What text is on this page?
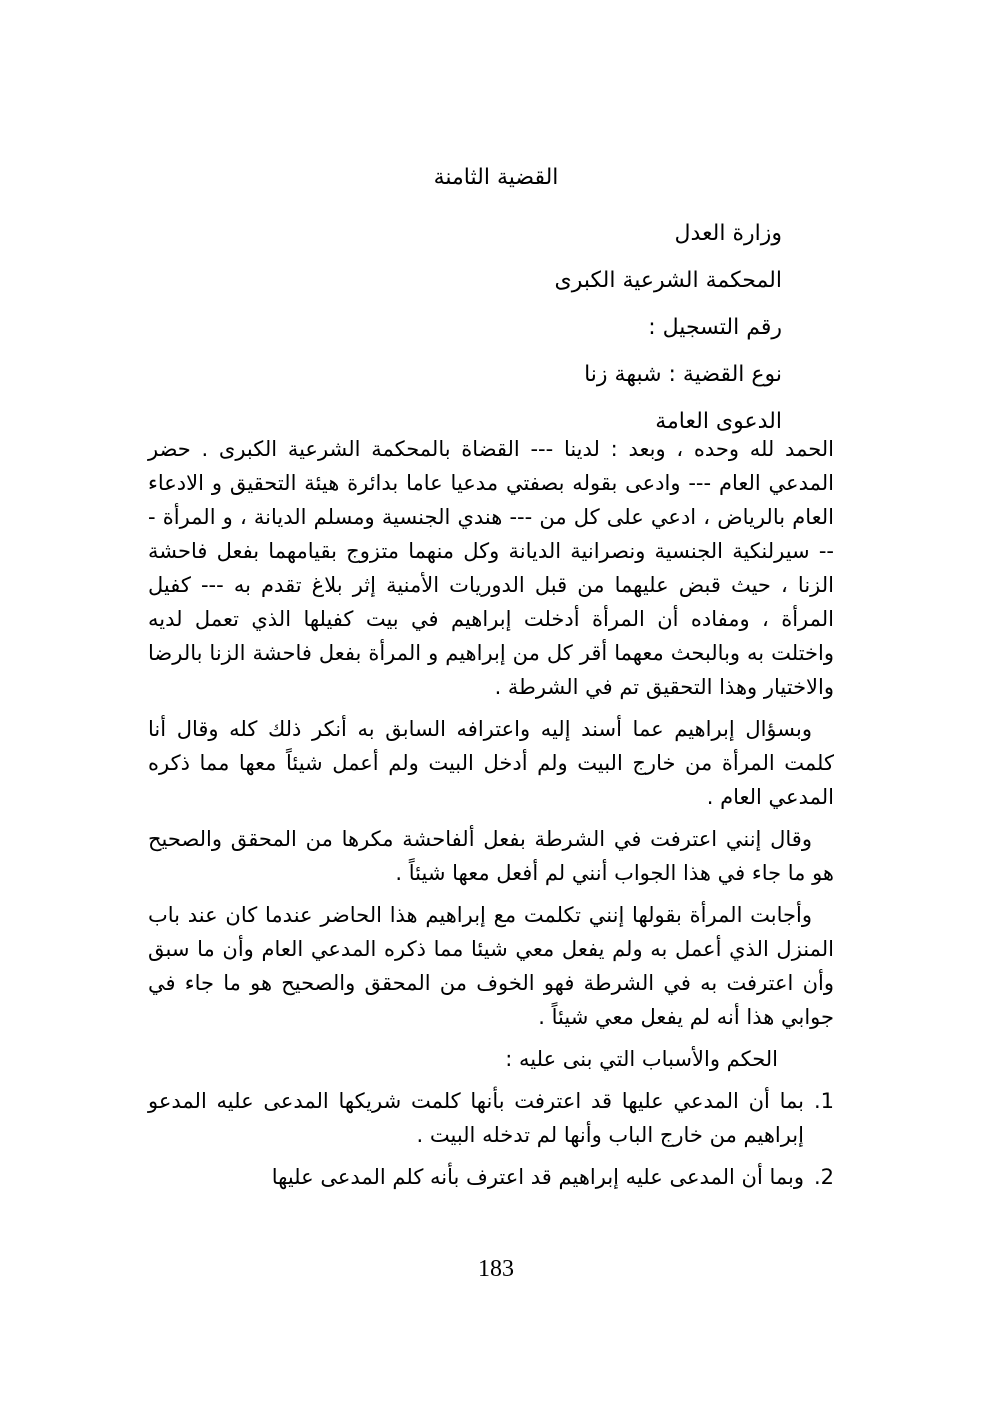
القضية الثامنة
وزارة العدل
المحكمة الشرعية الكبرى
رقم التسجيل :
نوع القضية : شبهة زنا
الدعوى العامة

الحمد لله وحده ، وبعد : لدينا --- القضاة بالمحكمة الشرعية الكبرى . حضر المدعي العام --- وادعى بقوله بصفتي مدعيا عاما بدائرة هيئة التحقيق و الادعاء العام بالرياض ، ادعي على كل من --- هندي الجنسية ومسلم الديانة ، و المرأة --- سيرلنكية الجنسية ونصرانية الديانة وكل منهما متزوج بقيامهما بفعل فاحشة الزنا ، حيث قبض عليهما من قبل الدوريات الأمنية إثر بلاغ تقدم به --- كفيل المرأة ، ومفاده أن المرأة أدخلت إبراهيم في بيت كفيلها الذي تعمل لديه واختلت به وبالبحث معهما أقر كل من إبراهيم و المرأة بفعل فاحشة الزنا بالرضا والاختيار وهذا التحقيق تم في الشرطة .

وبسؤال إبراهيم عما أسند إليه واعترافه السابق به أنكر ذلك كله وقال أنا كلمت المرأة من خارج البيت ولم أدخل البيت ولم أعمل شيئاً معها مما ذكره المدعي العام .

وقال إنني اعترفت في الشرطة بفعل ألفاحشة مكرها من المحقق والصحيح هو ما جاء في هذا الجواب أنني لم أفعل معها شيئاً .

وأجابت المرأة بقولها إنني تكلمت مع إبراهيم هذا الحاضر عندما كان عند باب المنزل الذي أعمل به ولم يفعل معي شيئا مما ذكره المدعي العام وأن ما سبق وأن اعترفت به في الشرطة فهو الخوف من المحقق والصحيح هو ما جاء في جوابي هذا أنه لم يفعل معي شيئاً .

الحكم والأسباب التي بنى عليه :

1.
بما أن المدعي عليها قد اعترفت بأنها كلمت شريكها المدعى عليه المدعو إبراهيم من خارج الباب وأنها لم تدخله البيت .
2.
وبما أن المدعى عليه إبراهيم قد اعترف بأنه كلم المدعى عليها
183
